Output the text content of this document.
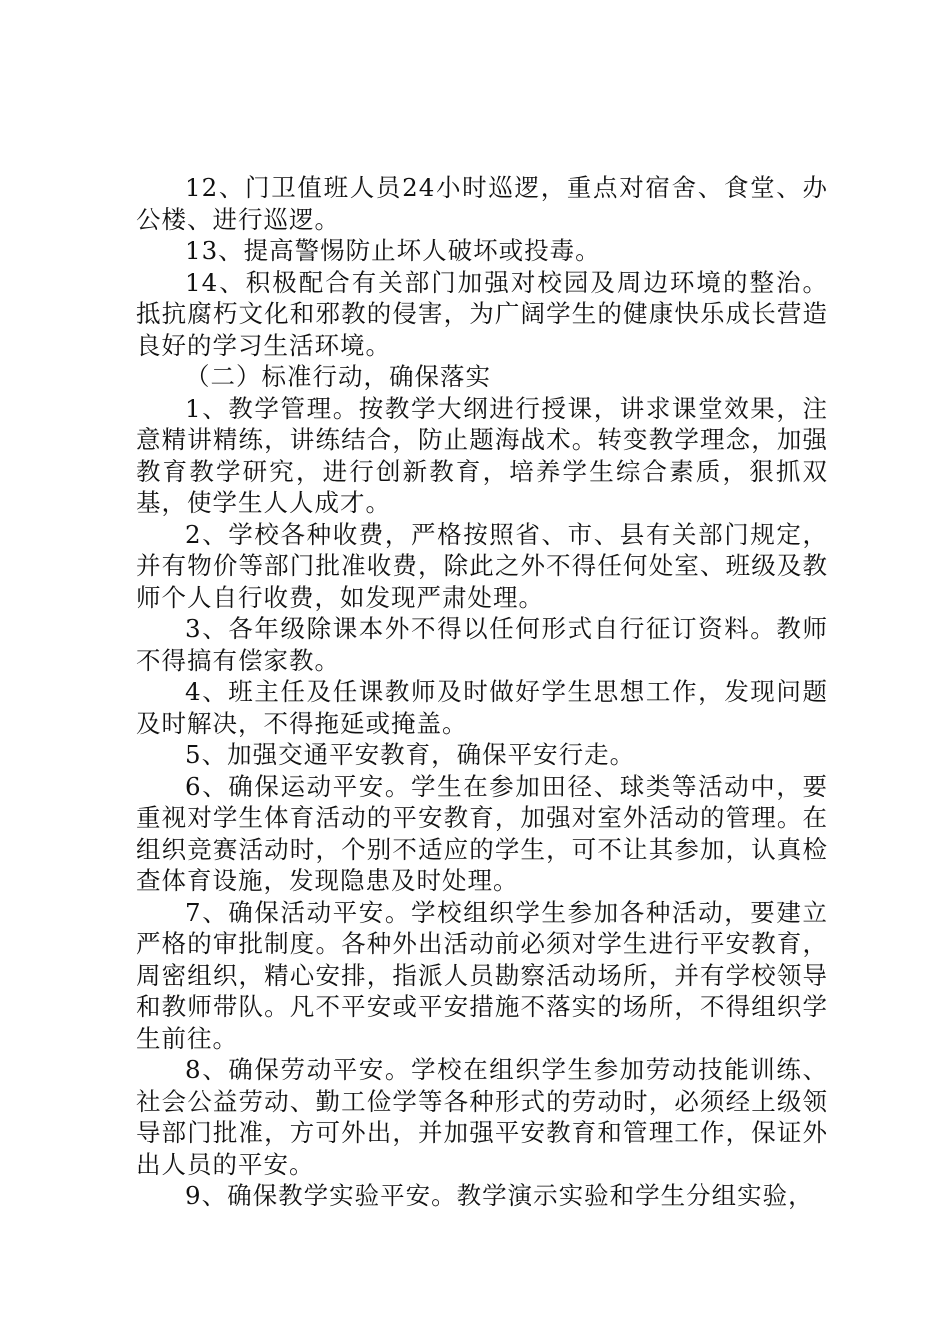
12、门卫值班人员24小时巡逻，重点对宿舍、食堂、办公楼、进行巡逻。

13、提高警惕防止坏人破坏或投毒。

14、积极配合有关部门加强对校园及周边环境的整治。抵抗腐朽文化和邪教的侵害，为广阔学生的健康快乐成长营造良好的学习生活环境。

（二）标准行动，确保落实

1、教学管理。按教学大纲进行授课，讲求课堂效果，注意精讲精练，讲练结合，防止题海战术。转变教学理念，加强教育教学研究，进行创新教育，培养学生综合素质，狠抓双基，使学生人人成才。

2、学校各种收费，严格按照省、市、县有关部门规定，并有物价等部门批准收费，除此之外不得任何处室、班级及教师个人自行收费，如发现严肃处理。

3、各年级除课本外不得以任何形式自行征订资料。教师不得搞有偿家教。

4、班主任及任课教师及时做好学生思想工作，发现问题及时解决，不得拖延或掩盖。

5、加强交通平安教育，确保平安行走。

6、确保运动平安。学生在参加田径、球类等活动中，要重视对学生体育活动的平安教育，加强对室外活动的管理。在组织竞赛活动时，个别不适应的学生，可不让其参加，认真检查体育设施，发现隐患及时处理。

7、确保活动平安。学校组织学生参加各种活动，要建立严格的审批制度。各种外出活动前必须对学生进行平安教育，周密组织，精心安排，指派人员勘察活动场所，并有学校领导和教师带队。凡不平安或平安措施不落实的场所，不得组织学生前往。

8、确保劳动平安。学校在组织学生参加劳动技能训练、社会公益劳动、勤工俭学等各种形式的劳动时，必须经上级领导部门批准，方可外出，并加强平安教育和管理工作，保证外出人员的平安。

9、确保教学实验平安。教学演示实验和学生分组实验，
